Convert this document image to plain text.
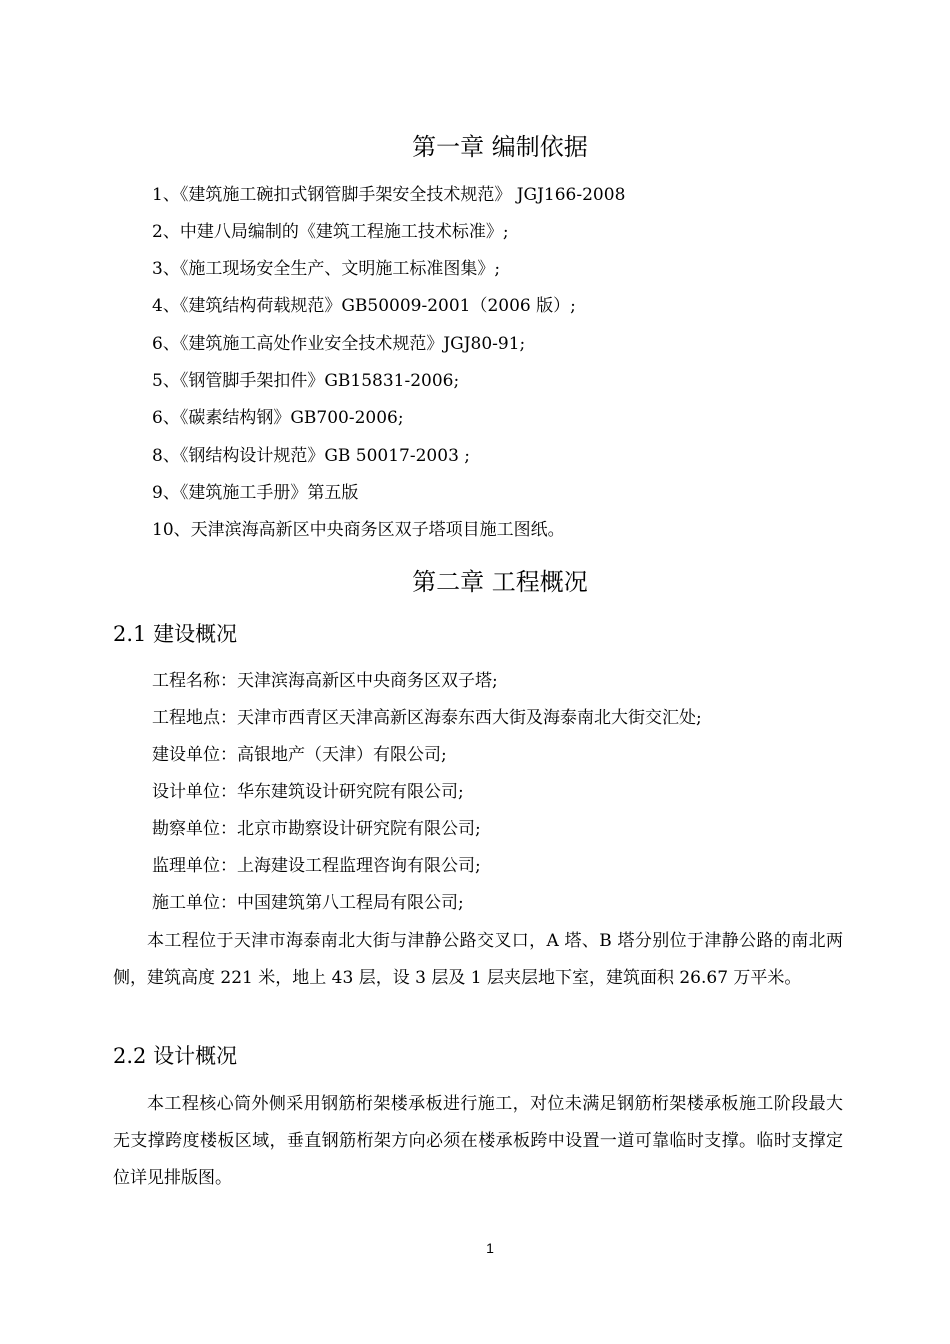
第一章 编制依据
1、《建筑施工碗扣式钢管脚手架安全技术规范》 JGJ166-2008
2、中建八局编制的《建筑工程施工技术标准》;
3、《施工现场安全生产、文明施工标准图集》;
4、《建筑结构荷载规范》GB50009-2001（2006 版）;
6、《建筑施工高处作业安全技术规范》JGJ80-91;
5、《钢管脚手架扣件》GB15831-2006;
6、《碳素结构钢》GB700-2006;
8、《钢结构设计规范》GB 50017-2003 ;
9、《建筑施工手册》第五版
10、天津滨海高新区中央商务区双子塔项目施工图纸。
第二章 工程概况
2.1 建设概况
工程名称：天津滨海高新区中央商务区双子塔;
工程地点：天津市西青区天津高新区海泰东西大街及海泰南北大街交汇处;
建设单位：高银地产（天津）有限公司;
设计单位：华东建筑设计研究院有限公司;
勘察单位：北京市勘察设计研究院有限公司;
监理单位：上海建设工程监理咨询有限公司;
施工单位：中国建筑第八工程局有限公司;
本工程位于天津市海泰南北大街与津静公路交叉口，A 塔、B 塔分别位于津静公路的南北两侧，建筑高度 221 米，地上 43 层，设 3 层及 1 层夹层地下室，建筑面积 26.67 万平米。
2.2 设计概况
本工程核心筒外侧采用钢筋桁架楼承板进行施工，对位未满足钢筋桁架楼承板施工阶段最大无支撑跨度楼板区域，垂直钢筋桁架方向必须在楼承板跨中设置一道可靠临时支撑。临时支撑定位详见排版图。
1
